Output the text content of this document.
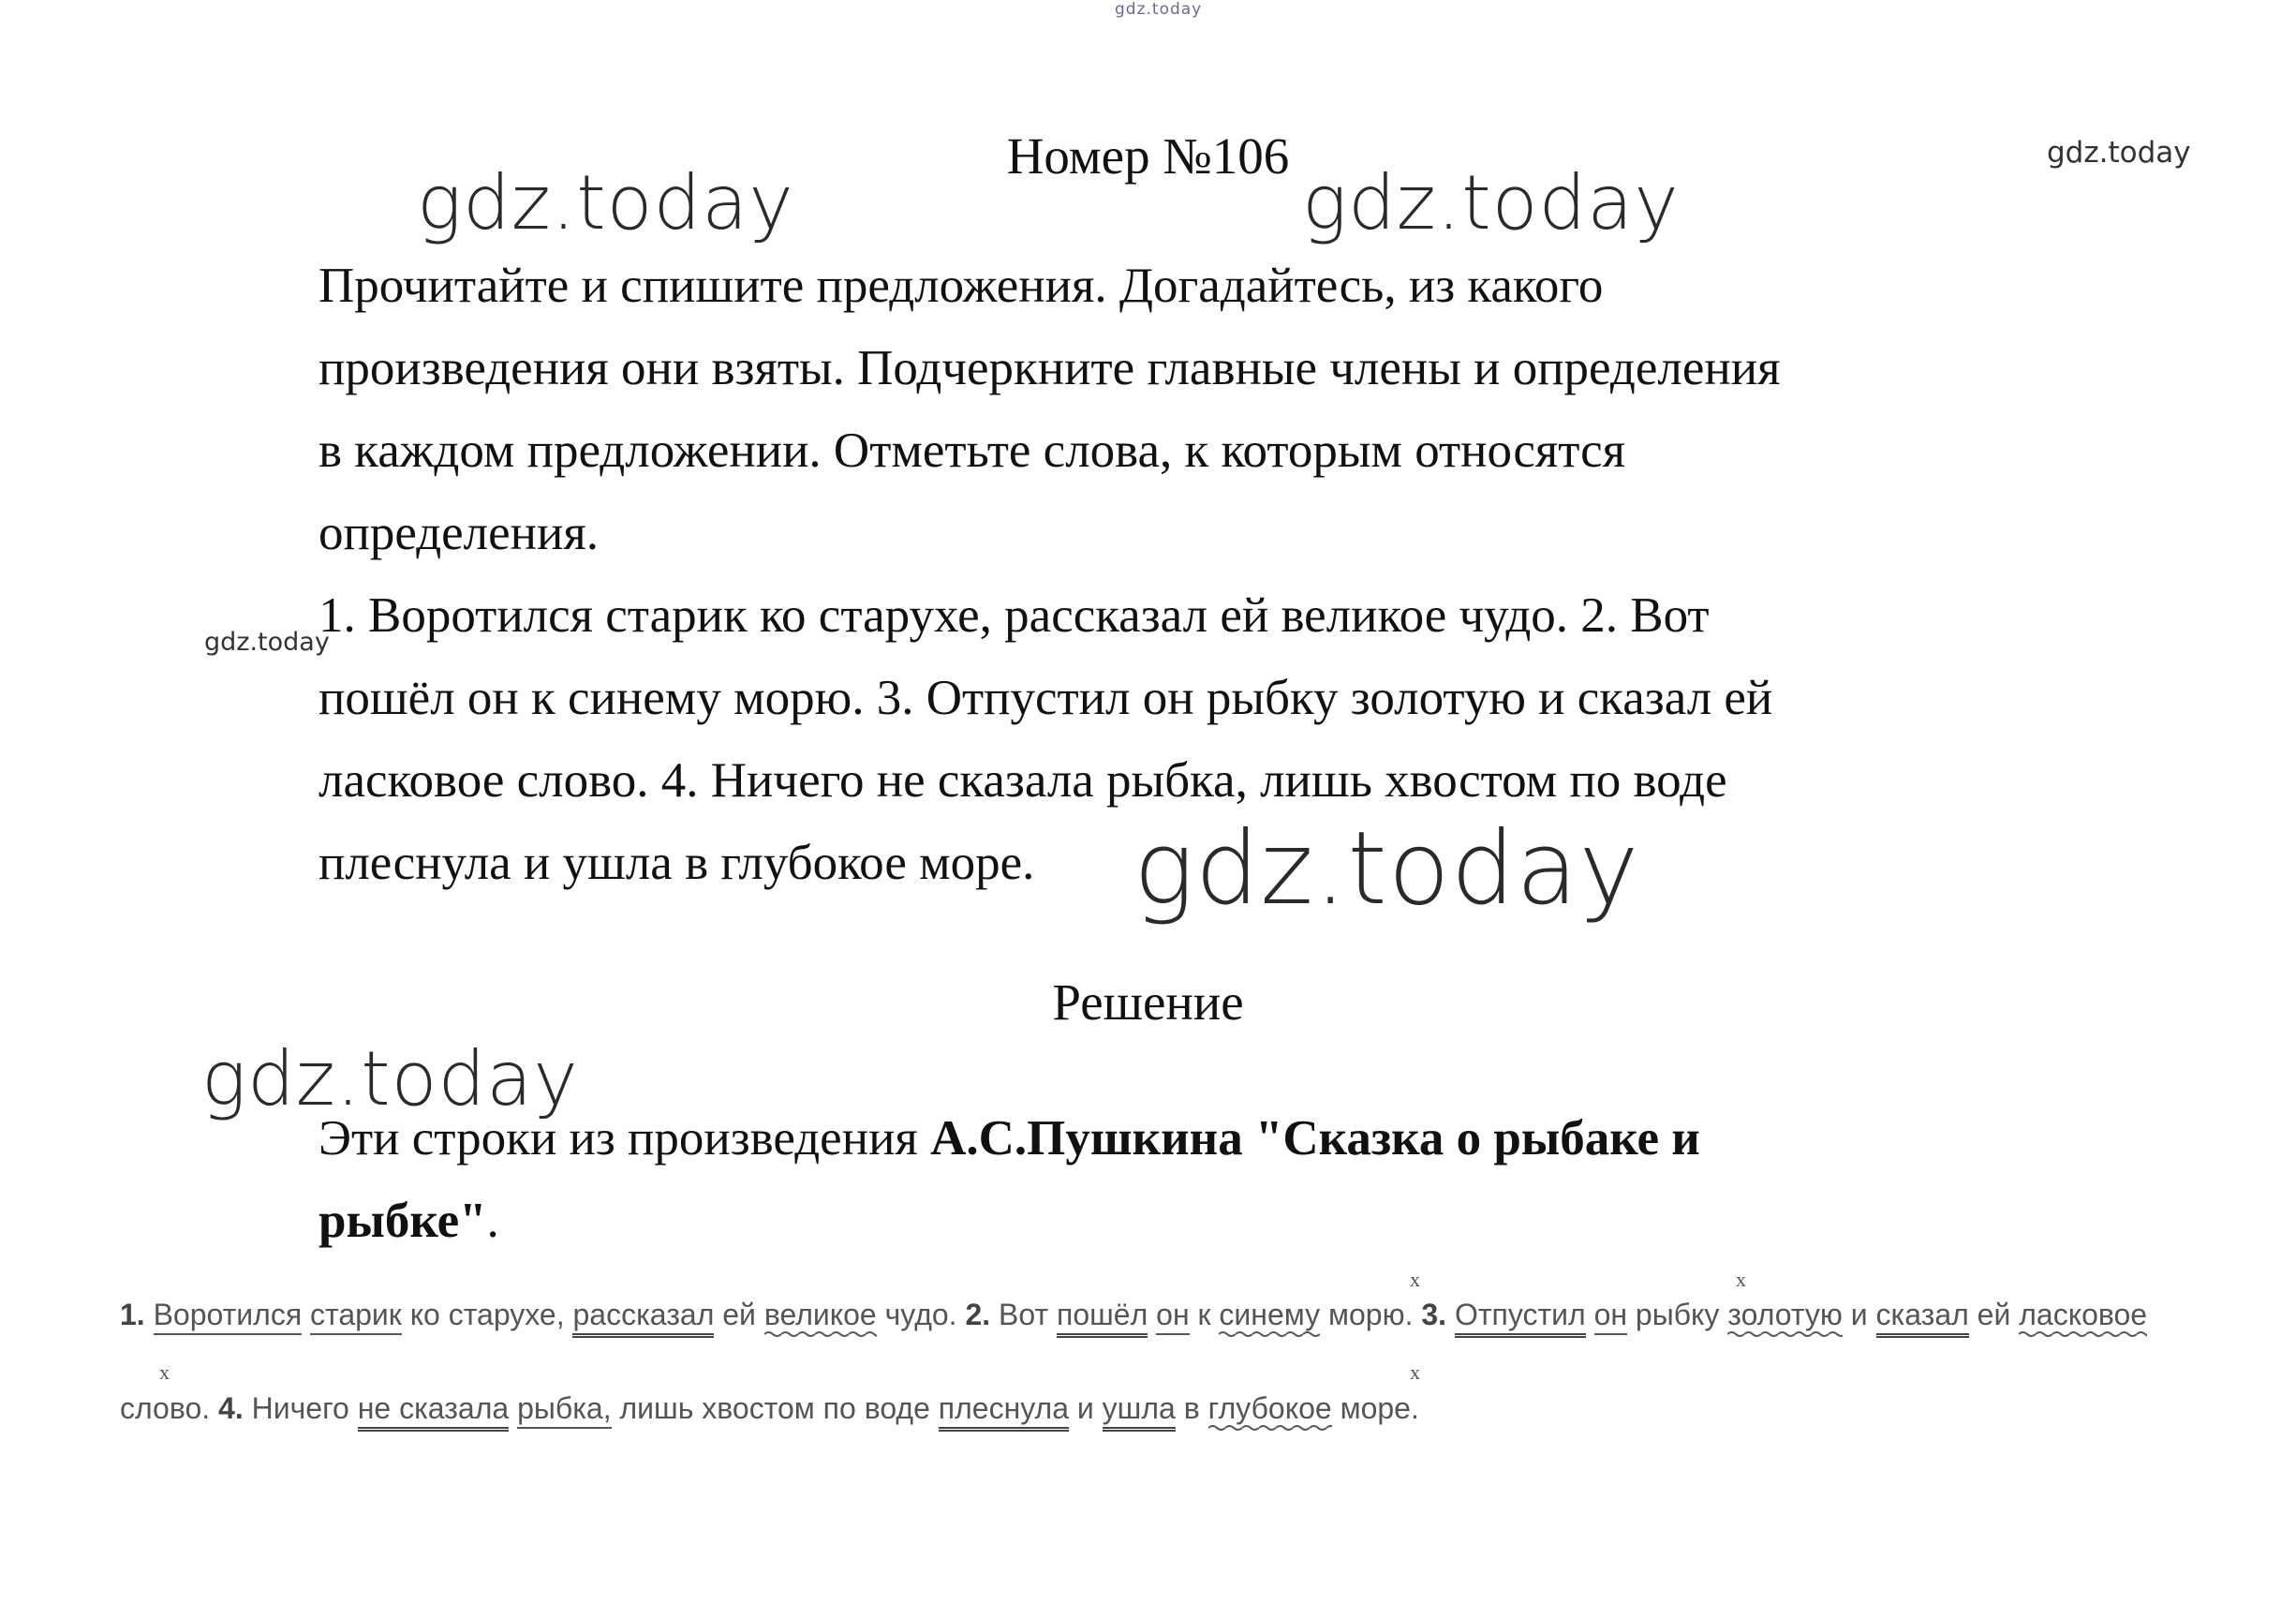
gdz.today
gdz.today
gdz.today	gdz.today
gdz.today
gdz.today
gdz.today
Номер №106
Прочитайте и спишите предложения. Догадайтесь, из какого
произведения они взяты. Подчеркните главные члены и определения
в каждом предложении. Отметьте слова, к которым относятся
определения.
1. Воротился старик ко старухе, рассказал ей великое чудо. 2. Вот
пошёл он к синему морю. 3. Отпустил он рыбку золотую и сказал ей
ласковое слово. 4. Ничего не сказала рыбка, лишь хвостом по воде
плеснула и ушла в глубокое море.
Решение
Эти строки из произведения А.С.Пушкина "Сказка о рыбаке и
рыбке".
1. Воротился старик ко старухе, рассказал ей великое чудо. 2. Вот пошёл он к синему морю. 3. Отпустил он рыбку золотую и сказал ей ласковое
x	x
x	x
слово. 4. Ничего не сказала рыбка, лишь хвостом по воде плеснула и ушла в глубокое море.
